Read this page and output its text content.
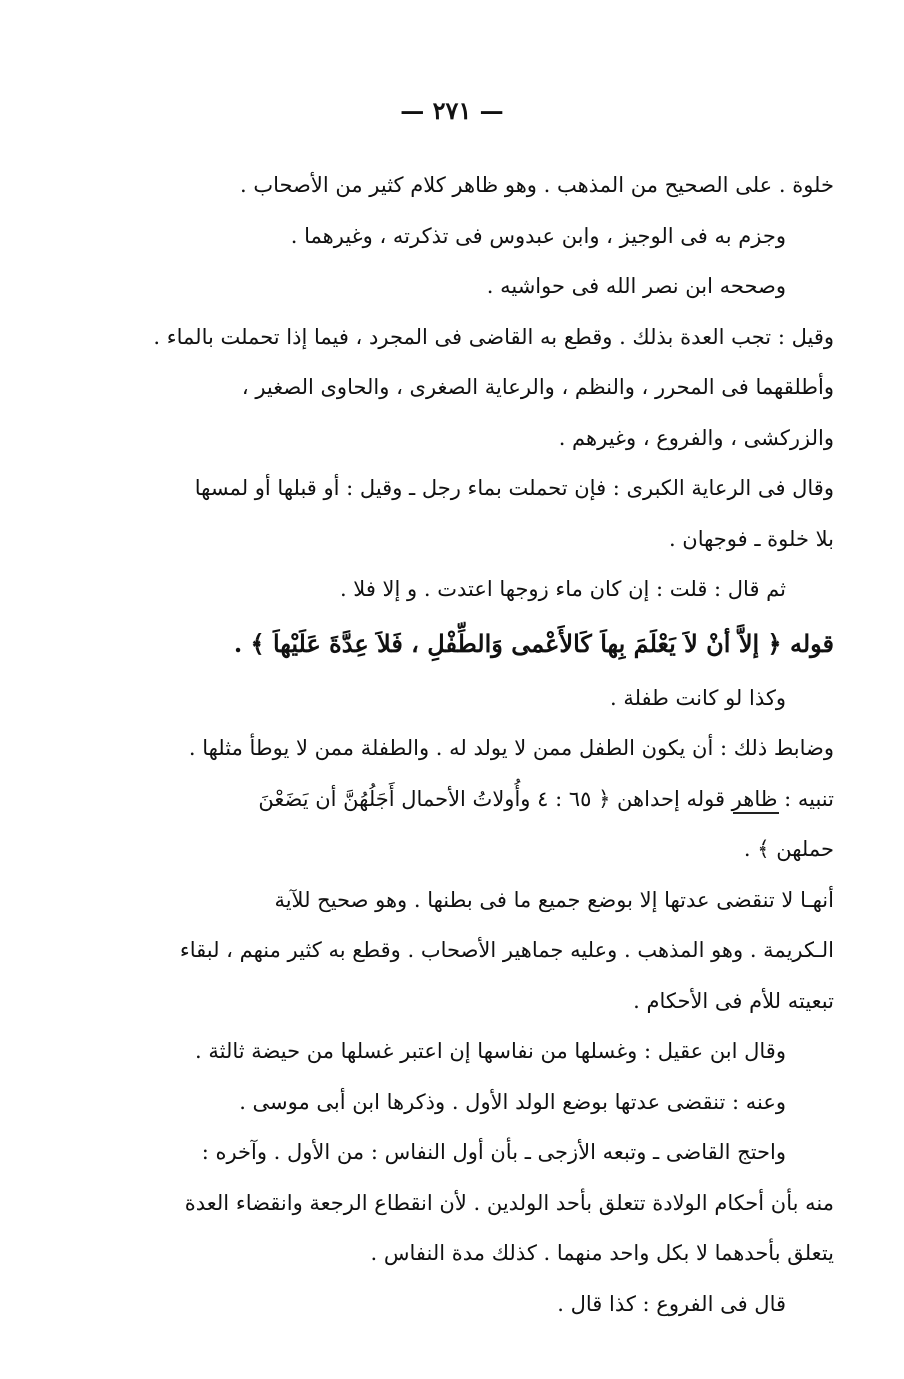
— ٢٧١ —
خلوة . على الصحيح من المذهب . وهو ظاهر كلام كثير من الأصحاب .
وجزم به فى الوجيز ، وابن عبدوس فى تذكرته ، وغيرهما .
وصححه ابن نصر الله فى حواشيه .
وقيل : تجب العدة بذلك . وقطع به القاضى فى المجرد ، فيما إذا تحملت بالماء .
وأطلقهما فى المحرر ، والنظم ، والرعاية الصغرى ، والحاوى الصغير ،
والزركشى ، والفروع ، وغيرهم .
وقال فى الرعاية الكبرى : فإن تحملت بماء رجل ـ وقيل : أو قبلها أو لمسها
بلا خلوة ـ فوجهان .
ثم قال : قلت : إن كان ماء زوجها اعتدت . و إلا فلا .
قوله ﴿ إلاَّ أنْ لاَ يَعْلَمَ بِهاَ كَالأَعْمى وَالطِّفْلِ ، فَلاَ عِدَّةَ عَلَيْهاَ ﴾ .
وكذا لو كانت طفلة .
وضابط ذلك : أن يكون الطفل ممن لا يولد له . والطفلة ممن لا يوطأ مثلها .
تنبيه : ظاهر قوله إحداهن ﴿ ٦٥ : ٤ وأُولاتُ الأحمال أَجَلُهُنَّ أن يَضَعْنَ
حملهن ﴾ .
أنهـا لا تنقضى عدتها إلا بوضع جميع ما فى بطنها . وهو صحيح للآية
الـكريمة . وهو المذهب . وعليه جماهير الأصحاب . وقطع به كثير منهم ، لبقاء
تبعيته للأم فى الأحكام .
وقال ابن عقيل : وغسلها من نفاسها إن اعتبر غسلها من حيضة ثالثة .
وعنه : تنقضى عدتها بوضع الولد الأول . وذكرها ابن أبى موسى .
واحتج القاضى ـ وتبعه الأزجى ـ بأن أول النفاس : من الأول . وآخره :
منه بأن أحكام الولادة تتعلق بأحد الولدين . لأن انقطاع الرجعة وانقضاء العدة
يتعلق بأحدهما لا بكل واحد منهما . كذلك مدة النفاس .
قال فى الفروع : كذا قال .
